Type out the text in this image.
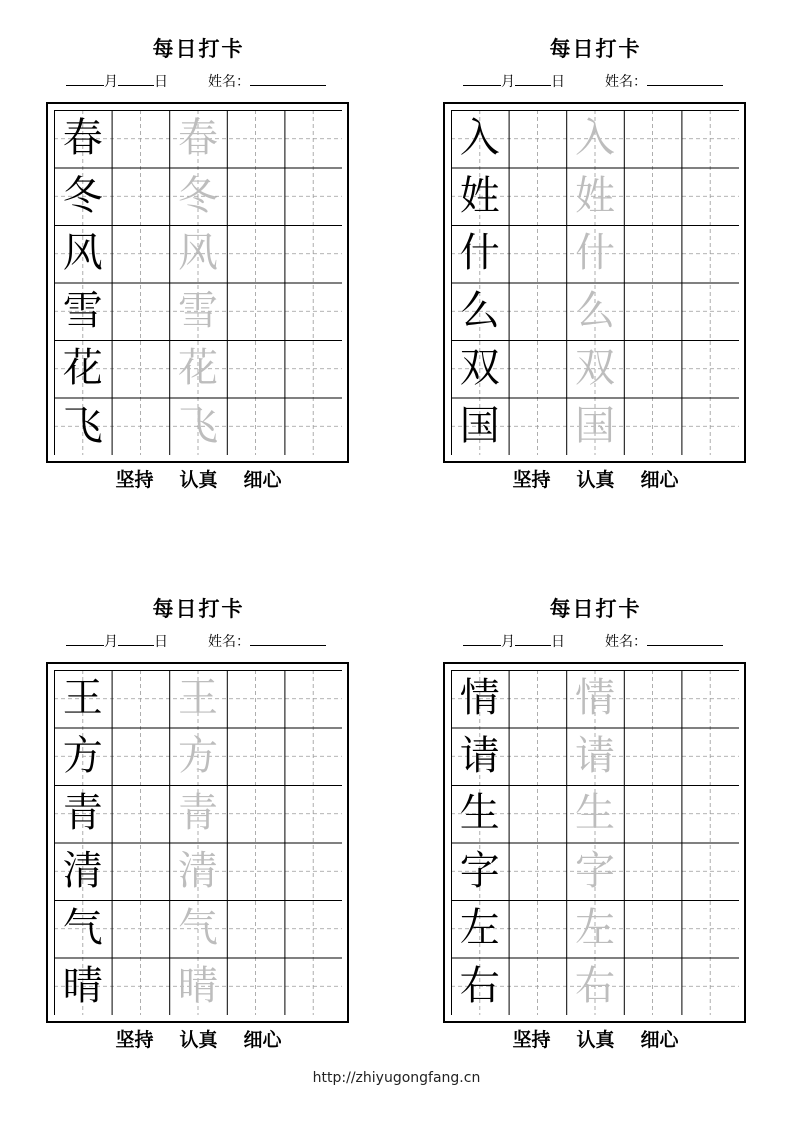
每日打卡
月	日	姓名：
春 春
冬 冬
风 风
雪 雪
花 花
飞 飞
坚持 认真 细心
每日打卡
月	日	姓名：
入 入
姓 姓
什 什
么 么
双 双
国 国
坚持 认真 细心
每日打卡
月	日	姓名：
王 王
方 方
青 青
清 清
气 气
晴 晴
坚持 认真 细心
每日打卡
月	日	姓名：
情 情
请 请
生 生
字 字
左 左
右 右
坚持 认真 细心
http://zhiyugongfang.cn
